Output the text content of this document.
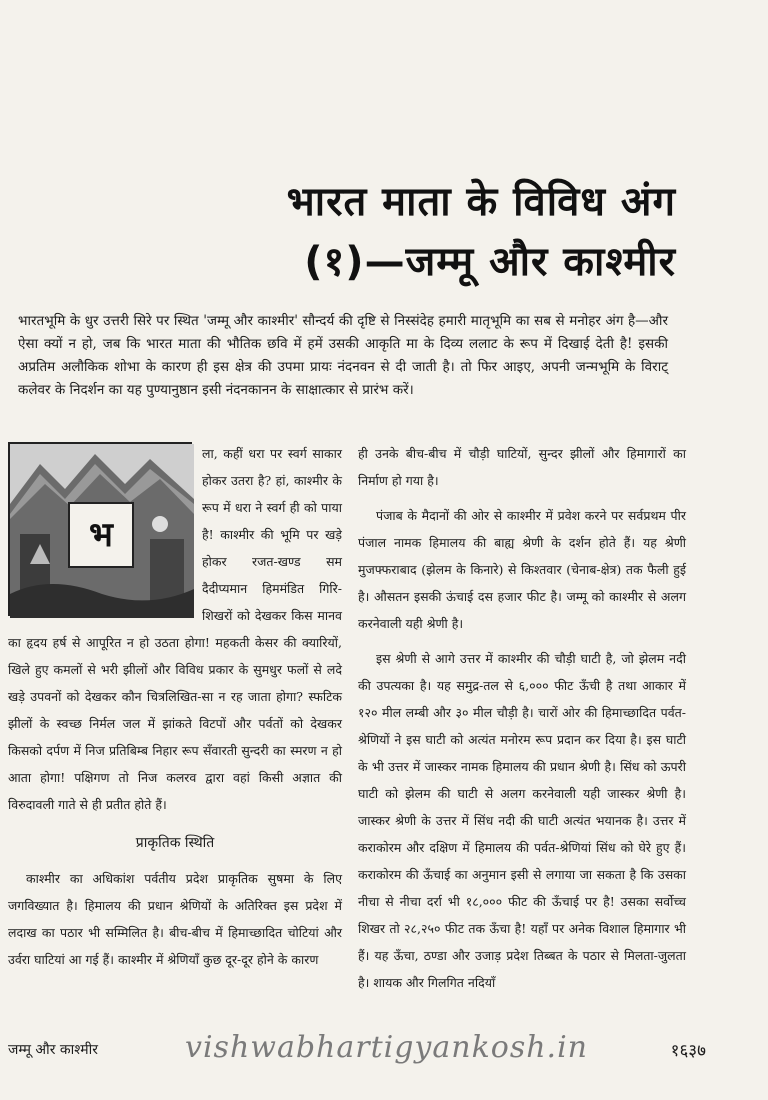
भारत माता के विविध अंग
(१)—जम्मू और काश्मीर

भारतभूमि के धुर उत्तरी सिरे पर स्थित 'जम्मू और काश्मीर' सौन्दर्य की दृष्टि से निस्संदेह हमारी मातृभूमि का सब से मनोहर अंग है—और ऐसा क्यों न हो, जब कि भारत माता की भौतिक छवि में हमें उसकी आकृति मा के दिव्य ललाट के रूप में दिखाई देती है! इसकी अप्रतिम अलौकिक शोभा के कारण ही इस क्षेत्र की उपमा प्रायः नंदनवन से दी जाती है। तो फिर आइए, अपनी जन्मभूमि के विराट् कलेवर के निदर्शन का यह पुण्यानुष्ठान इसी नंदनकानन के साक्षात्कार से प्रारंभ करें।

भ

ला, कहीं धरा पर स्वर्ग साकार होकर उतरा है? हां, काश्मीर के रूप में धरा ने स्वर्ग ही को पाया है! काश्मीर की भूमि पर खड़े होकर रजत-खण्ड सम दैदीप्यमान हिममंडित गिरि-शिखरों को देखकर किस मानव का हृदय हर्ष से आपूरित न हो उठता होगा! महकती केसर की क्यारियों, खिले हुए कमलों से भरी झीलों और विविध प्रकार के सुमधुर फलों से लदे खड़े उपवनों को देखकर कौन चित्रलिखित-सा न रह जाता होगा? स्फटिक झीलों के स्वच्छ निर्मल जल में झांकते विटपों और पर्वतों को देखकर किसको दर्पण में निज प्रतिबिम्ब निहार रूप सँवारती सुन्दरी का स्मरण न हो आता होगा! पक्षिगण तो निज कलरव द्वारा वहां किसी अज्ञात की विरुदावली गाते से ही प्रतीत होते हैं।

प्राकृतिक स्थिति

काश्मीर का अधिकांश पर्वतीय प्रदेश प्राकृतिक सुषमा के लिए जगविख्यात है। हिमालय की प्रधान श्रेणियों के अतिरिक्त इस प्रदेश में लदाख का पठार भी सम्मिलित है। बीच-बीच में हिमाच्छादित चोटियां और उर्वरा घाटियां आ गई हैं। काश्मीर में श्रेणियाँ कुछ दूर-दूर होने के कारण

ही उनके बीच-बीच में चौड़ी घाटियों, सुन्दर झीलों और हिमागारों का निर्माण हो गया है।

पंजाब के मैदानों की ओर से काश्मीर में प्रवेश करने पर सर्वप्रथम पीर पंजाल नामक हिमालय की बाह्य श्रेणी के दर्शन होते हैं। यह श्रेणी मुजफ्फराबाद (झेलम के किनारे) से किश्तवार (चेनाब-क्षेत्र) तक फैली हुई है। औसतन इसकी ऊंचाई दस हजार फीट है। जम्मू को काश्मीर से अलग करनेवाली यही श्रेणी है।

इस श्रेणी से आगे उत्तर में काश्मीर की चौड़ी घाटी है, जो झेलम नदी की उपत्यका है। यह समुद्र-तल से ६,००० फीट ऊँची है तथा आकार में १२० मील लम्बी और ३० मील चौड़ी है। चारों ओर की हिमाच्छादित पर्वत-श्रेणियों ने इस घाटी को अत्यंत मनोरम रूप प्रदान कर दिया है। इस घाटी के भी उत्तर में जास्कर नामक हिमालय की प्रधान श्रेणी है। सिंध को ऊपरी घाटी को झेलम की घाटी से अलग करनेवाली यही जास्कर श्रेणी है। जास्कर श्रेणी के उत्तर में सिंध नदी की घाटी अत्यंत भयानक है। उत्तर में कराकोरम और दक्षिण में हिमालय की पर्वत-श्रेणियां सिंध को घेरे हुए हैं। कराकोरम की ऊँचाई का अनुमान इसी से लगाया जा सकता है कि उसका नीचा से नीचा दर्रा भी १८,००० फीट की ऊँचाई पर है! उसका सर्वोच्च शिखर तो २८,२५० फीट तक ऊँचा है! यहाँ पर अनेक विशाल हिमागार भी हैं। यह ऊँचा, ठण्डा और उजाड़ प्रदेश तिब्बत के पठार से मिलता-जुलता है। शायक और गिलगित नदियाँ

जम्मू और काश्मीर	vishwabhartigyankosh.in	१६३७
